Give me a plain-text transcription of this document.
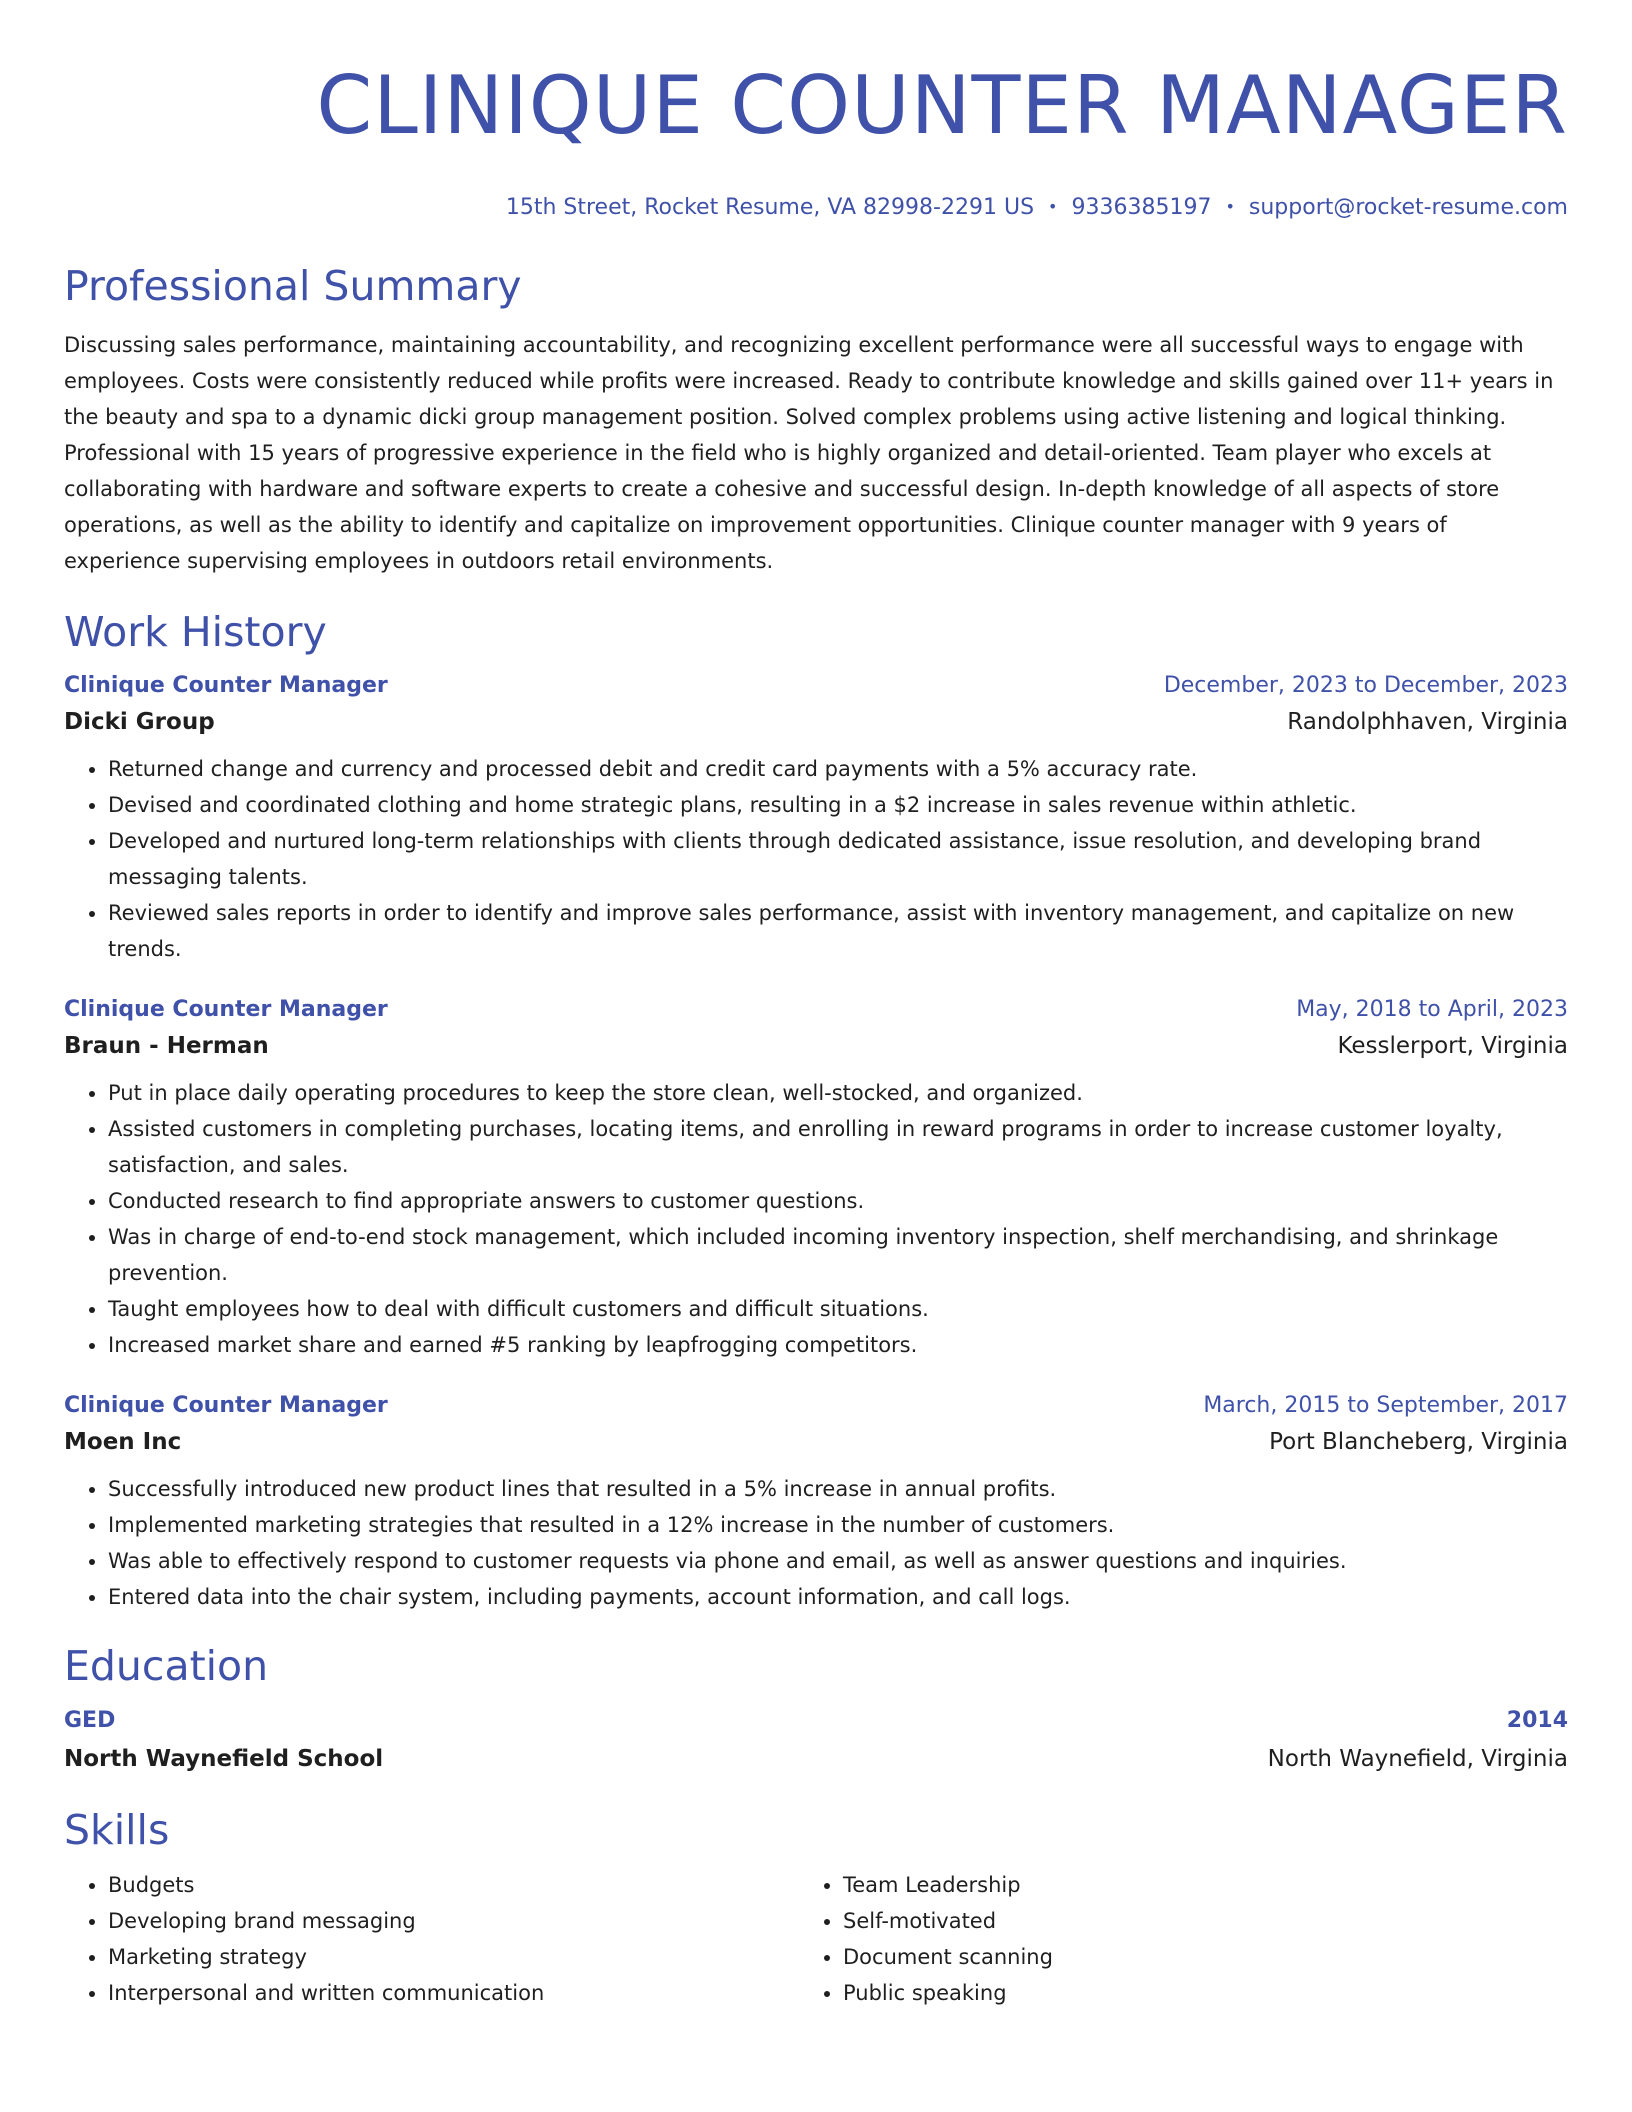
CLINIQUE COUNTER MANAGER
15th Street, Rocket Resume, VA 82998-2291 US • 9336385197 • support@rocket-resume.com
Professional Summary
Discussing sales performance, maintaining accountability, and recognizing excellent performance were all successful ways to engage with employees. Costs were consistently reduced while profits were increased. Ready to contribute knowledge and skills gained over 11+ years in the beauty and spa to a dynamic dicki group management position. Solved complex problems using active listening and logical thinking. Professional with 15 years of progressive experience in the field who is highly organized and detail-oriented. Team player who excels at collaborating with hardware and software experts to create a cohesive and successful design. In-depth knowledge of all aspects of store operations, as well as the ability to identify and capitalize on improvement opportunities. Clinique counter manager with 9 years of experience supervising employees in outdoors retail environments.
Work History
Clinique Counter Manager	December, 2023 to December, 2023
Dicki Group	Randolphhaven, Virginia
• Returned change and currency and processed debit and credit card payments with a 5% accuracy rate.
• Devised and coordinated clothing and home strategic plans, resulting in a $2 increase in sales revenue within athletic.
• Developed and nurtured long-term relationships with clients through dedicated assistance, issue resolution, and developing brand messaging talents.
• Reviewed sales reports in order to identify and improve sales performance, assist with inventory management, and capitalize on new trends.
Clinique Counter Manager	May, 2018 to April, 2023
Braun - Herman	Kesslerport, Virginia
• Put in place daily operating procedures to keep the store clean, well-stocked, and organized.
• Assisted customers in completing purchases, locating items, and enrolling in reward programs in order to increase customer loyalty, satisfaction, and sales.
• Conducted research to find appropriate answers to customer questions.
• Was in charge of end-to-end stock management, which included incoming inventory inspection, shelf merchandising, and shrinkage prevention.
• Taught employees how to deal with difficult customers and difficult situations.
• Increased market share and earned #5 ranking by leapfrogging competitors.
Clinique Counter Manager	March, 2015 to September, 2017
Moen Inc	Port Blancheberg, Virginia
• Successfully introduced new product lines that resulted in a 5% increase in annual profits.
• Implemented marketing strategies that resulted in a 12% increase in the number of customers.
• Was able to effectively respond to customer requests via phone and email, as well as answer questions and inquiries.
• Entered data into the chair system, including payments, account information, and call logs.
Education
GED	2014
North Waynefield School	North Waynefield, Virginia
Skills
• Budgets
• Developing brand messaging
• Marketing strategy
• Interpersonal and written communication
• Team Leadership
• Self-motivated
• Document scanning
• Public speaking
